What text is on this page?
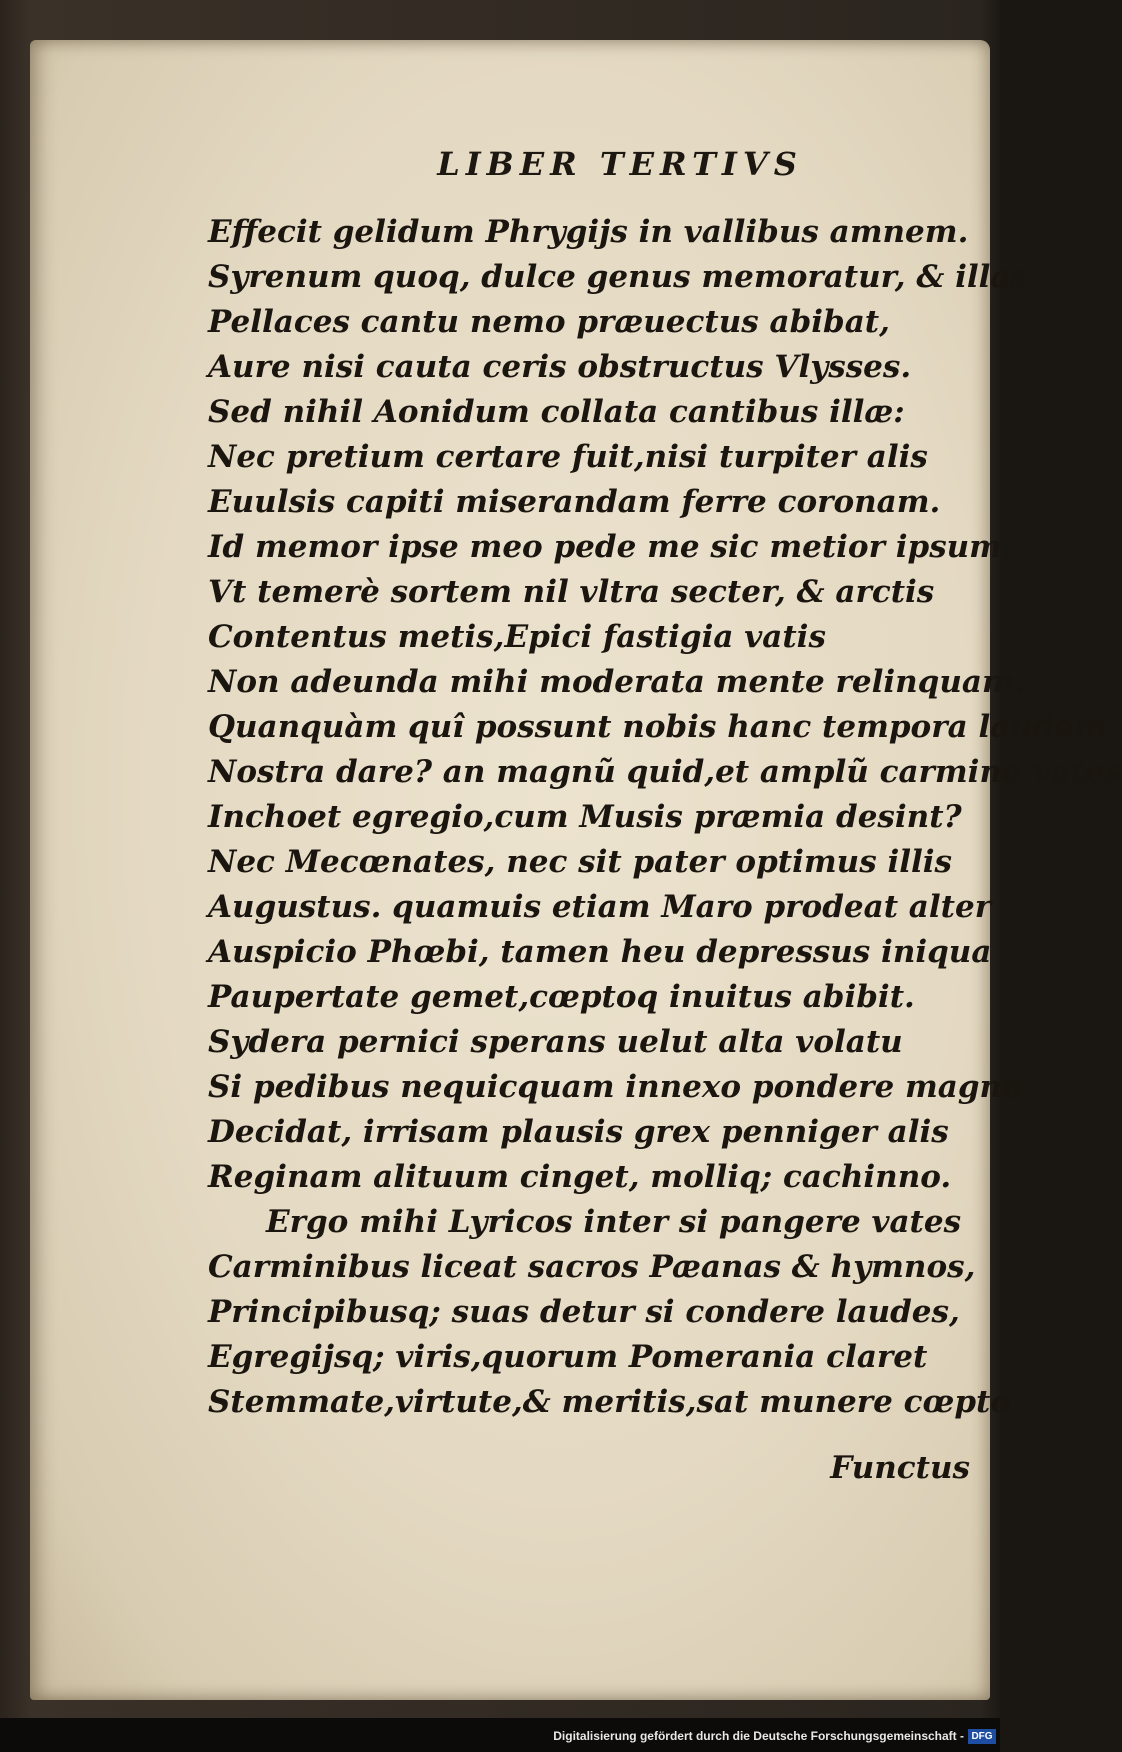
LIBER TERTIVS
Effecit gelidum Phrygijs in vallibus amnem.
Syrenum quoq, dulce genus memoratur, & illas
Pellaces cantu nemo præuectus abibat,
Aure nisi cauta ceris obstructus Vlysses.
Sed nihil Aonidum collata cantibus illæ:
Nec pretium certare fuit,nisi turpiter alis
Euulsis capiti miserandam ferre coronam.
Id memor ipse meo pede me sic metior ipsum,
Vt temerè sortem nil vltra secter, & arctis
Contentus metis,Epici fastigia vatis
Non adeunda mihi moderata mente relinquam.
Quanquàm quî possunt nobis hanc tempora laudem
Nostra dare? an magnũ quid,et amplũ carmine vates
Inchoet egregio,cum Musis præmia desint?
Nec Mecœnates, nec sit pater optimus illis
Augustus. quamuis etiam Maro prodeat alter
Auspicio Phœbi, tamen heu depressus iniqua
Paupertate gemet,cœptoq inuitus abibit.
Sydera pernici sperans uelut alta volatu
Si pedibus nequicquam innexo pondere magno
Decidat, irrisam plausis grex penniger alis
Reginam alituum cinget, molliq; cachinno.
Ergo mihi Lyricos inter si pangere vates
Carminibus liceat sacros Pæanas & hymnos,
Principibusq; suas detur si condere laudes,
Egregijsq; viris,quorum Pomerania claret
Stemmate,virtute,& meritis,sat munere cœpto
Functus
Digitalisierung gefördert durch die Deutsche Forschungsgemeinschaft - DFG
